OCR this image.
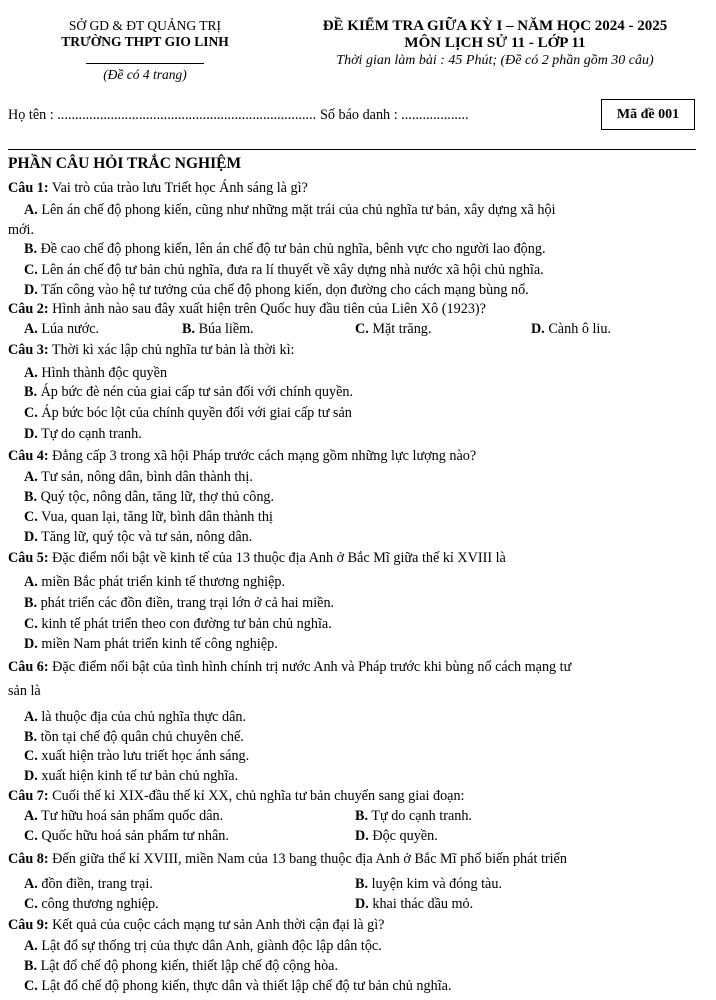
SỞ GD & ĐT QUẢNG TRỊ
TRƯỜNG THPT GIO LINH
(Đề có 4 trang)
ĐỀ KIỂM TRA GIỮA KỲ I – NĂM HỌC 2024 - 2025
MÔN LỊCH SỬ 11 - LỚP 11
Thời gian làm bài : 45 Phút; (Đề có 2 phần gồm 30 câu)
Họ tên : ......................................................................... Số báo danh : ...................	Mã đề 001
PHẦN CÂU HỎI TRẮC NGHIỆM
Câu 1: Vai trò của trào lưu Triết học Ánh sáng là gì?
A. Lên án chế độ phong kiến, cũng như những mặt trái của chủ nghĩa tư bản, xây dựng xã hội
mới.
B. Đề cao chế độ phong kiến, lên án chế độ tư bản chủ nghĩa, bênh vực cho người lao động.
C. Lên án chế độ tư bản chủ nghĩa, đưa ra lí thuyết về xây dựng nhà nước xã hội chủ nghĩa.
D. Tấn công vào hệ tư tưởng của chế độ phong kiến, dọn đường cho cách mạng bùng nổ.
Câu 2: Hình ảnh nào sau đây xuất hiện trên Quốc huy đầu tiên của Liên Xô (1923)?
A. Lúa nước.	B. Búa liềm.	C. Mặt trăng.	D. Cành ô liu.
Câu 3: Thời kì xác lập chủ nghĩa tư bản là thời kì:
A. Hình thành độc quyền
B. Áp bức đè nén của giai cấp tư sản đối với chính quyền.
C. Áp bức bóc lột của chính quyền đối với giai cấp tư sản
D. Tự do cạnh tranh.
Câu 4: Đẳng cấp 3 trong xã hội Pháp trước cách mạng gồm những lực lượng nào?
A. Tư sản, nông dân, bình dân thành thị.
B. Quý tộc, nông dân, tăng lữ, thợ thủ công.
C. Vua, quan lại, tăng lữ, bình dân thành thị
D. Tăng lữ, quý tộc và tư sản, nông dân.
Câu 5: Đặc điểm nổi bật về kinh tế của 13 thuộc địa Anh ở Bắc Mĩ giữa thế kỉ XVIII là
A. miền Bắc phát triển kinh tế thương nghiệp.
B. phát triển các đồn điền, trang trại lớn ở cả hai miền.
C. kinh tế phát triển theo con đường tư bản chủ nghĩa.
D. miền Nam phát triển kinh tế công nghiệp.
Câu 6: Đặc điểm nổi bật của tình hình chính trị nước Anh và Pháp trước khi bùng nổ cách mạng tư
sản là
A. là thuộc địa của chủ nghĩa thực dân.
B. tồn tại chế độ quân chủ chuyên chế.
C. xuất hiện trào lưu triết học ánh sáng.
D. xuất hiện kinh tế tư bản chủ nghĩa.
Câu 7: Cuối thế kỉ XIX-đầu thế kỉ XX, chủ nghĩa tư bản chuyển sang giai đoạn:
A. Tư hữu hoá sản phẩm quốc dân.	B. Tự do cạnh tranh.
C. Quốc hữu hoá sản phẩm tư nhân.	D. Độc quyền.
Câu 8: Đến giữa thế kỉ XVIII, miền Nam của 13 bang thuộc địa Anh ở Bắc Mĩ phổ biến phát triển
A. đồn điền, trang trại.	B. luyện kim và đóng tàu.
C. công thương nghiệp.	D. khai thác dầu mỏ.
Câu 9: Kết quả của cuộc cách mạng tư sản Anh thời cận đại là gì?
A. Lật đổ sự thống trị của thực dân Anh, giành độc lập dân tộc.
B. Lật đổ chế độ phong kiến, thiết lập chế độ cộng hòa.
C. Lật đổ chế độ phong kiến, thực dân và thiết lập chế độ tư bản chủ nghĩa.
